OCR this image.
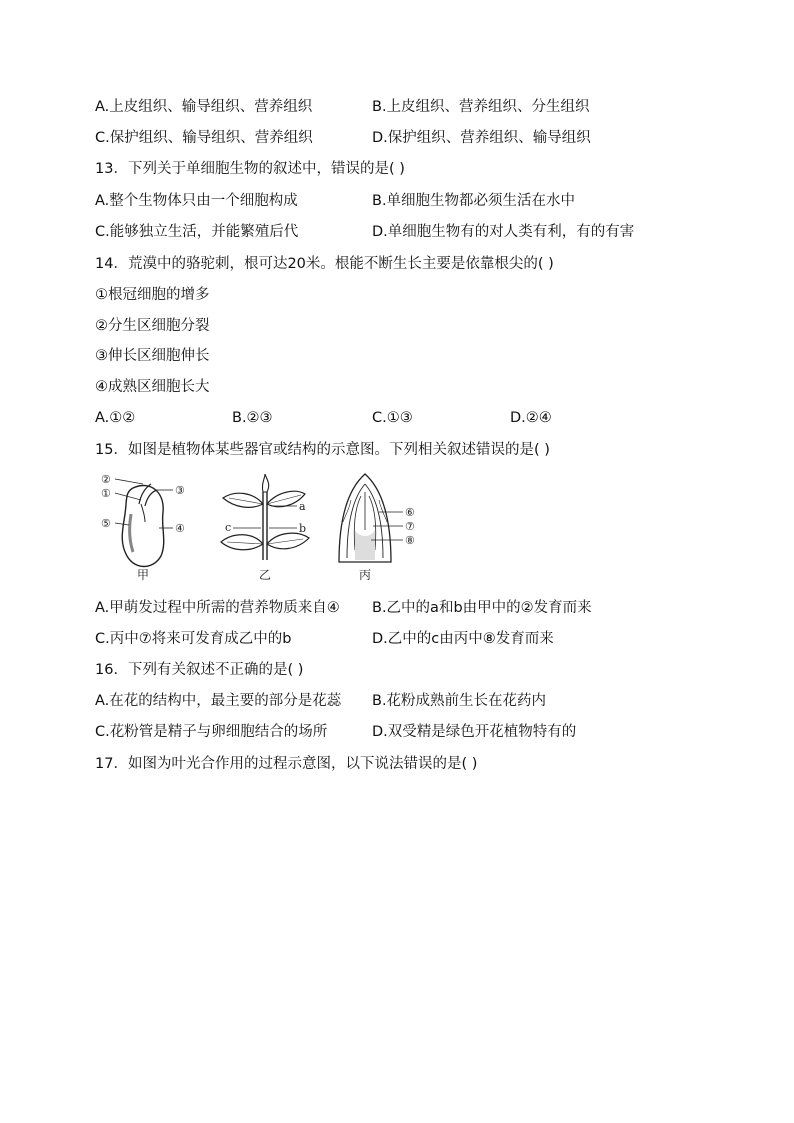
A.上皮组织、输导组织、营养组织	B.上皮组织、营养组织、分生组织
C.保护组织、输导组织、营养组织	D.保护组织、营养组织、输导组织
13．下列关于单细胞生物的叙述中，错误的是( )
A.整个生物体只由一个细胞构成	B.单细胞生物都必须生活在水中
C.能够独立生活，并能繁殖后代	D.单细胞生物有的对人类有利，有的有害
14．荒漠中的骆驼刺，根可达20米。根能不断生长主要是依靠根尖的( )
①根冠细胞的增多
②分生区细胞分裂
③伸长区细胞伸长
④成熟区细胞长大
A.①②	B.②③	C.①③	D.②④
15．如图是植物体某些器官或结构的示意图。下列相关叙述错误的是( )
②
①	③
⑤	④
甲
a
c	b
乙
⑥
⑦
⑧
丙
A.甲萌发过程中所需的营养物质来自④ B.乙中的a和b由甲中的②发育而来
C.丙中⑦将来可发育成乙中的b	D.乙中的c由丙中⑧发育而来
16．下列有关叙述不正确的是( )
A.在花的结构中，最主要的部分是花蕊 B.花粉成熟前生长在花药内
C.花粉管是精子与卵细胞结合的场所	D.双受精是绿色开花植物特有的
17．如图为叶光合作用的过程示意图，以下说法错误的是( )
